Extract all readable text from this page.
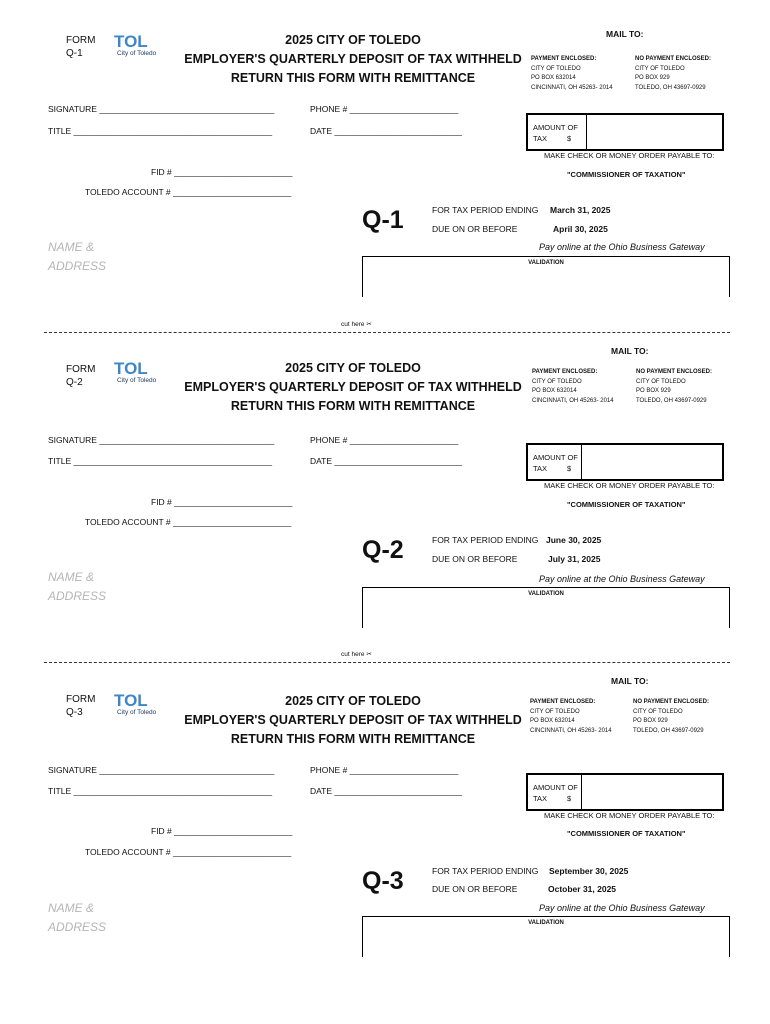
FORM
Q-1
TOL
City of Toledo
2025 CITY OF TOLEDO
EMPLOYER'S QUARTERLY DEPOSIT OF TAX WITHHELD
RETURN THIS FORM WITH REMITTANCE
MAIL TO:
PAYMENT ENCLOSED:
CITY OF TOLEDO
PO BOX 632014
CINCINNATI, OH 45263- 2014
NO PAYMENT ENCLOSED:
CITY OF TOLEDO
PO BOX 929
TOLEDO, OH 43697-0929
SIGNATURE _____________________________________	PHONE # _______________________
TITLE __________________________________________	DATE ___________________________	AMOUNT OF
TAX	$
MAKE CHECK OR MONEY ORDER PAYABLE TO:
"COMMISSIONER OF TAXATION"
FID # _________________________
TOLEDO ACCOUNT # _________________________
Q-1	FOR TAX PERIOD ENDING March 31, 2025
DUE ON OR BEFORE	April 30, 2025
NAME &
ADDRESS
Pay online at the Ohio Business Gateway
VALIDATION
cut here ✂
FORM
Q-2
TOL
City of Toledo
2025 CITY OF TOLEDO
EMPLOYER'S QUARTERLY DEPOSIT OF TAX WITHHELD
RETURN THIS FORM WITH REMITTANCE
MAIL TO:
PAYMENT ENCLOSED:
CITY OF TOLEDO
PO BOX 632014
CINCINNATI, OH 45263- 2014
NO PAYMENT ENCLOSED:
CITY OF TOLEDO
PO BOX 929
TOLEDO, OH 43697-0929
SIGNATURE _____________________________________	PHONE # _______________________
TITLE __________________________________________	DATE ___________________________	AMOUNT OF
TAX	$
MAKE CHECK OR MONEY ORDER PAYABLE TO:
"COMMISSIONER OF TAXATION"
FID # _________________________
TOLEDO ACCOUNT # _________________________
Q-2	FOR TAX PERIOD ENDING June 30, 2025
DUE ON OR BEFORE	July 31, 2025
NAME &
ADDRESS
Pay online at the Ohio Business Gateway
VALIDATION
cut here ✂
FORM
Q-3
TOL
City of Toledo
2025 CITY OF TOLEDO
EMPLOYER'S QUARTERLY DEPOSIT OF TAX WITHHELD
RETURN THIS FORM WITH REMITTANCE
MAIL TO:
PAYMENT ENCLOSED:
CITY OF TOLEDO
PO BOX 632014
CINCINNATI, OH 45263- 2014
NO PAYMENT ENCLOSED:
CITY OF TOLEDO
PO BOX 929
TOLEDO, OH 43697-0929
SIGNATURE _____________________________________	PHONE # _______________________
TITLE __________________________________________	DATE ___________________________	AMOUNT OF
TAX	$
MAKE CHECK OR MONEY ORDER PAYABLE TO:
"COMMISSIONER OF TAXATION"
FID # _________________________
TOLEDO ACCOUNT # _________________________
Q-3	FOR TAX PERIOD ENDING September 30, 2025
DUE ON OR BEFORE	October 31, 2025
NAME &
ADDRESS
Pay online at the Ohio Business Gateway
VALIDATION
